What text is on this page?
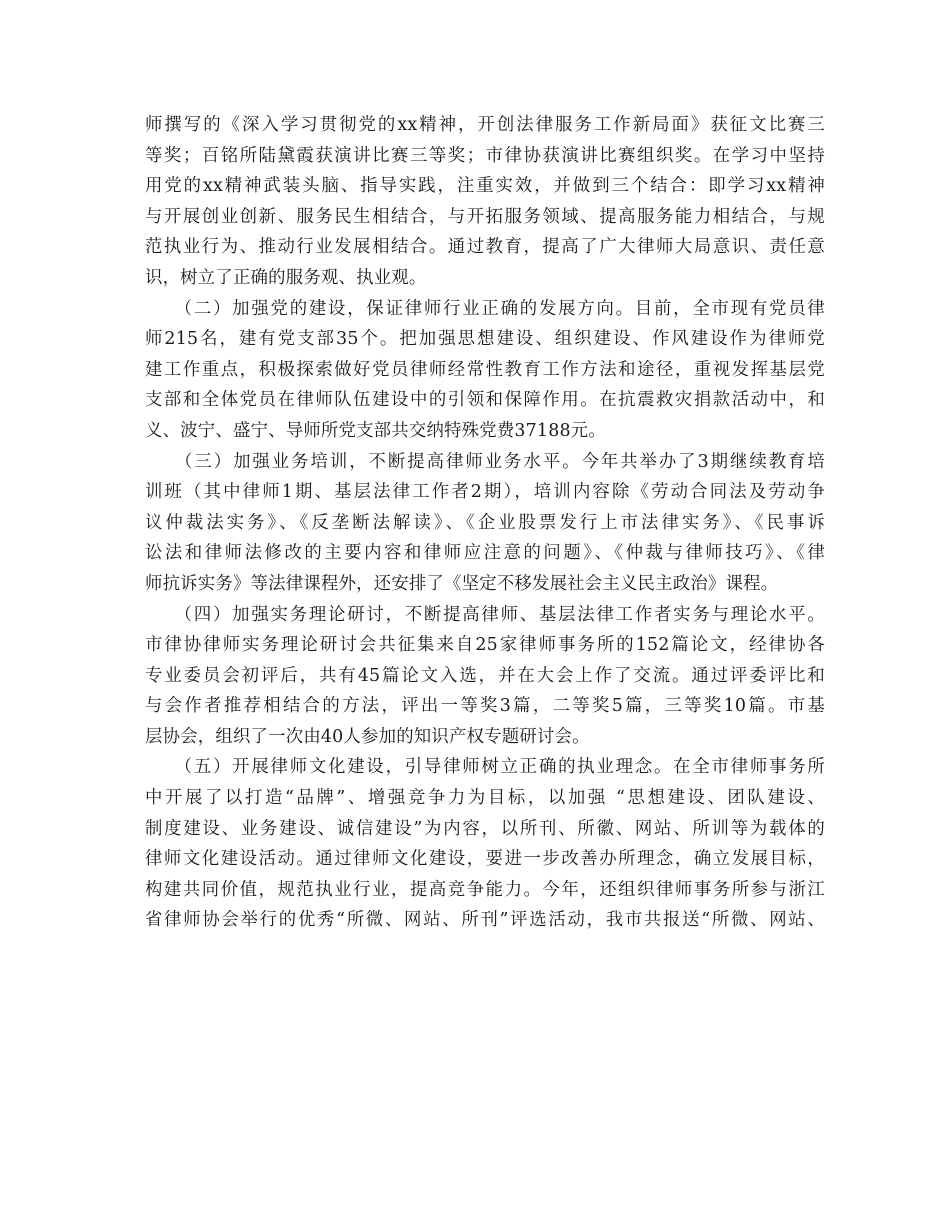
师撰写的《深入学习贯彻党的xx精神，开创法律服务工作新局面》获征文比赛三
等奖；百铭所陆黛霞获演讲比赛三等奖；市律协获演讲比赛组织奖。在学习中坚持
用党的xx精神武装头脑、指导实践，注重实效，并做到三个结合：即学习xx精神
与开展创业创新、服务民生相结合，与开拓服务领域、提高服务能力相结合，与规
范执业行为、推动行业发展相结合。通过教育，提高了广大律师大局意识、责任意
识，树立了正确的服务观、执业观。
　　（二）加强党的建设，保证律师行业正确的发展方向。目前，全市现有党员律
师215名，建有党支部35个。把加强思想建设、组织建设、作风建设作为律师党
建工作重点，积极探索做好党员律师经常性教育工作方法和途径，重视发挥基层党
支部和全体党员在律师队伍建设中的引领和保障作用。在抗震救灾捐款活动中，和
义、波宁、盛宁、导师所党支部共交纳特殊党费37188元。
　　（三）加强业务培训，不断提高律师业务水平。今年共举办了3期继续教育培
训班（其中律师1期、基层法律工作者2期），培训内容除《劳动合同法及劳动争
议仲裁法实务》、《反垄断法解读》、《企业股票发行上市法律实务》、《民事诉
讼法和律师法修改的主要内容和律师应注意的问题》、《仲裁与律师技巧》、《律
师抗诉实务》等法律课程外，还安排了《坚定不移发展社会主义民主政治》课程。
　　（四）加强实务理论研讨，不断提高律师、基层法律工作者实务与理论水平。
市律协律师实务理论研讨会共征集来自25家律师事务所的152篇论文，经律协各
专业委员会初评后，共有45篇论文入选，并在大会上作了交流。通过评委评比和
与会作者推荐相结合的方法，评出一等奖3篇，二等奖5篇，三等奖10篇。市基
层协会，组织了一次由40人参加的知识产权专题研讨会。
　　（五）开展律师文化建设，引导律师树立正确的执业理念。在全市律师事务所
中开展了以打造“品牌”、增强竞争力为目标，以加强 “思想建设、团队建设、
制度建设、业务建设、诚信建设”为内容，以所刊、所徽、网站、所训等为载体的
律师文化建设活动。通过律师文化建设，要进一步改善办所理念，确立发展目标，
构建共同价值，规范执业行业，提高竞争能力。今年，还组织律师事务所参与浙江
省律师协会举行的优秀“所微、网站、所刊”评选活动，我市共报送“所微、网站、
